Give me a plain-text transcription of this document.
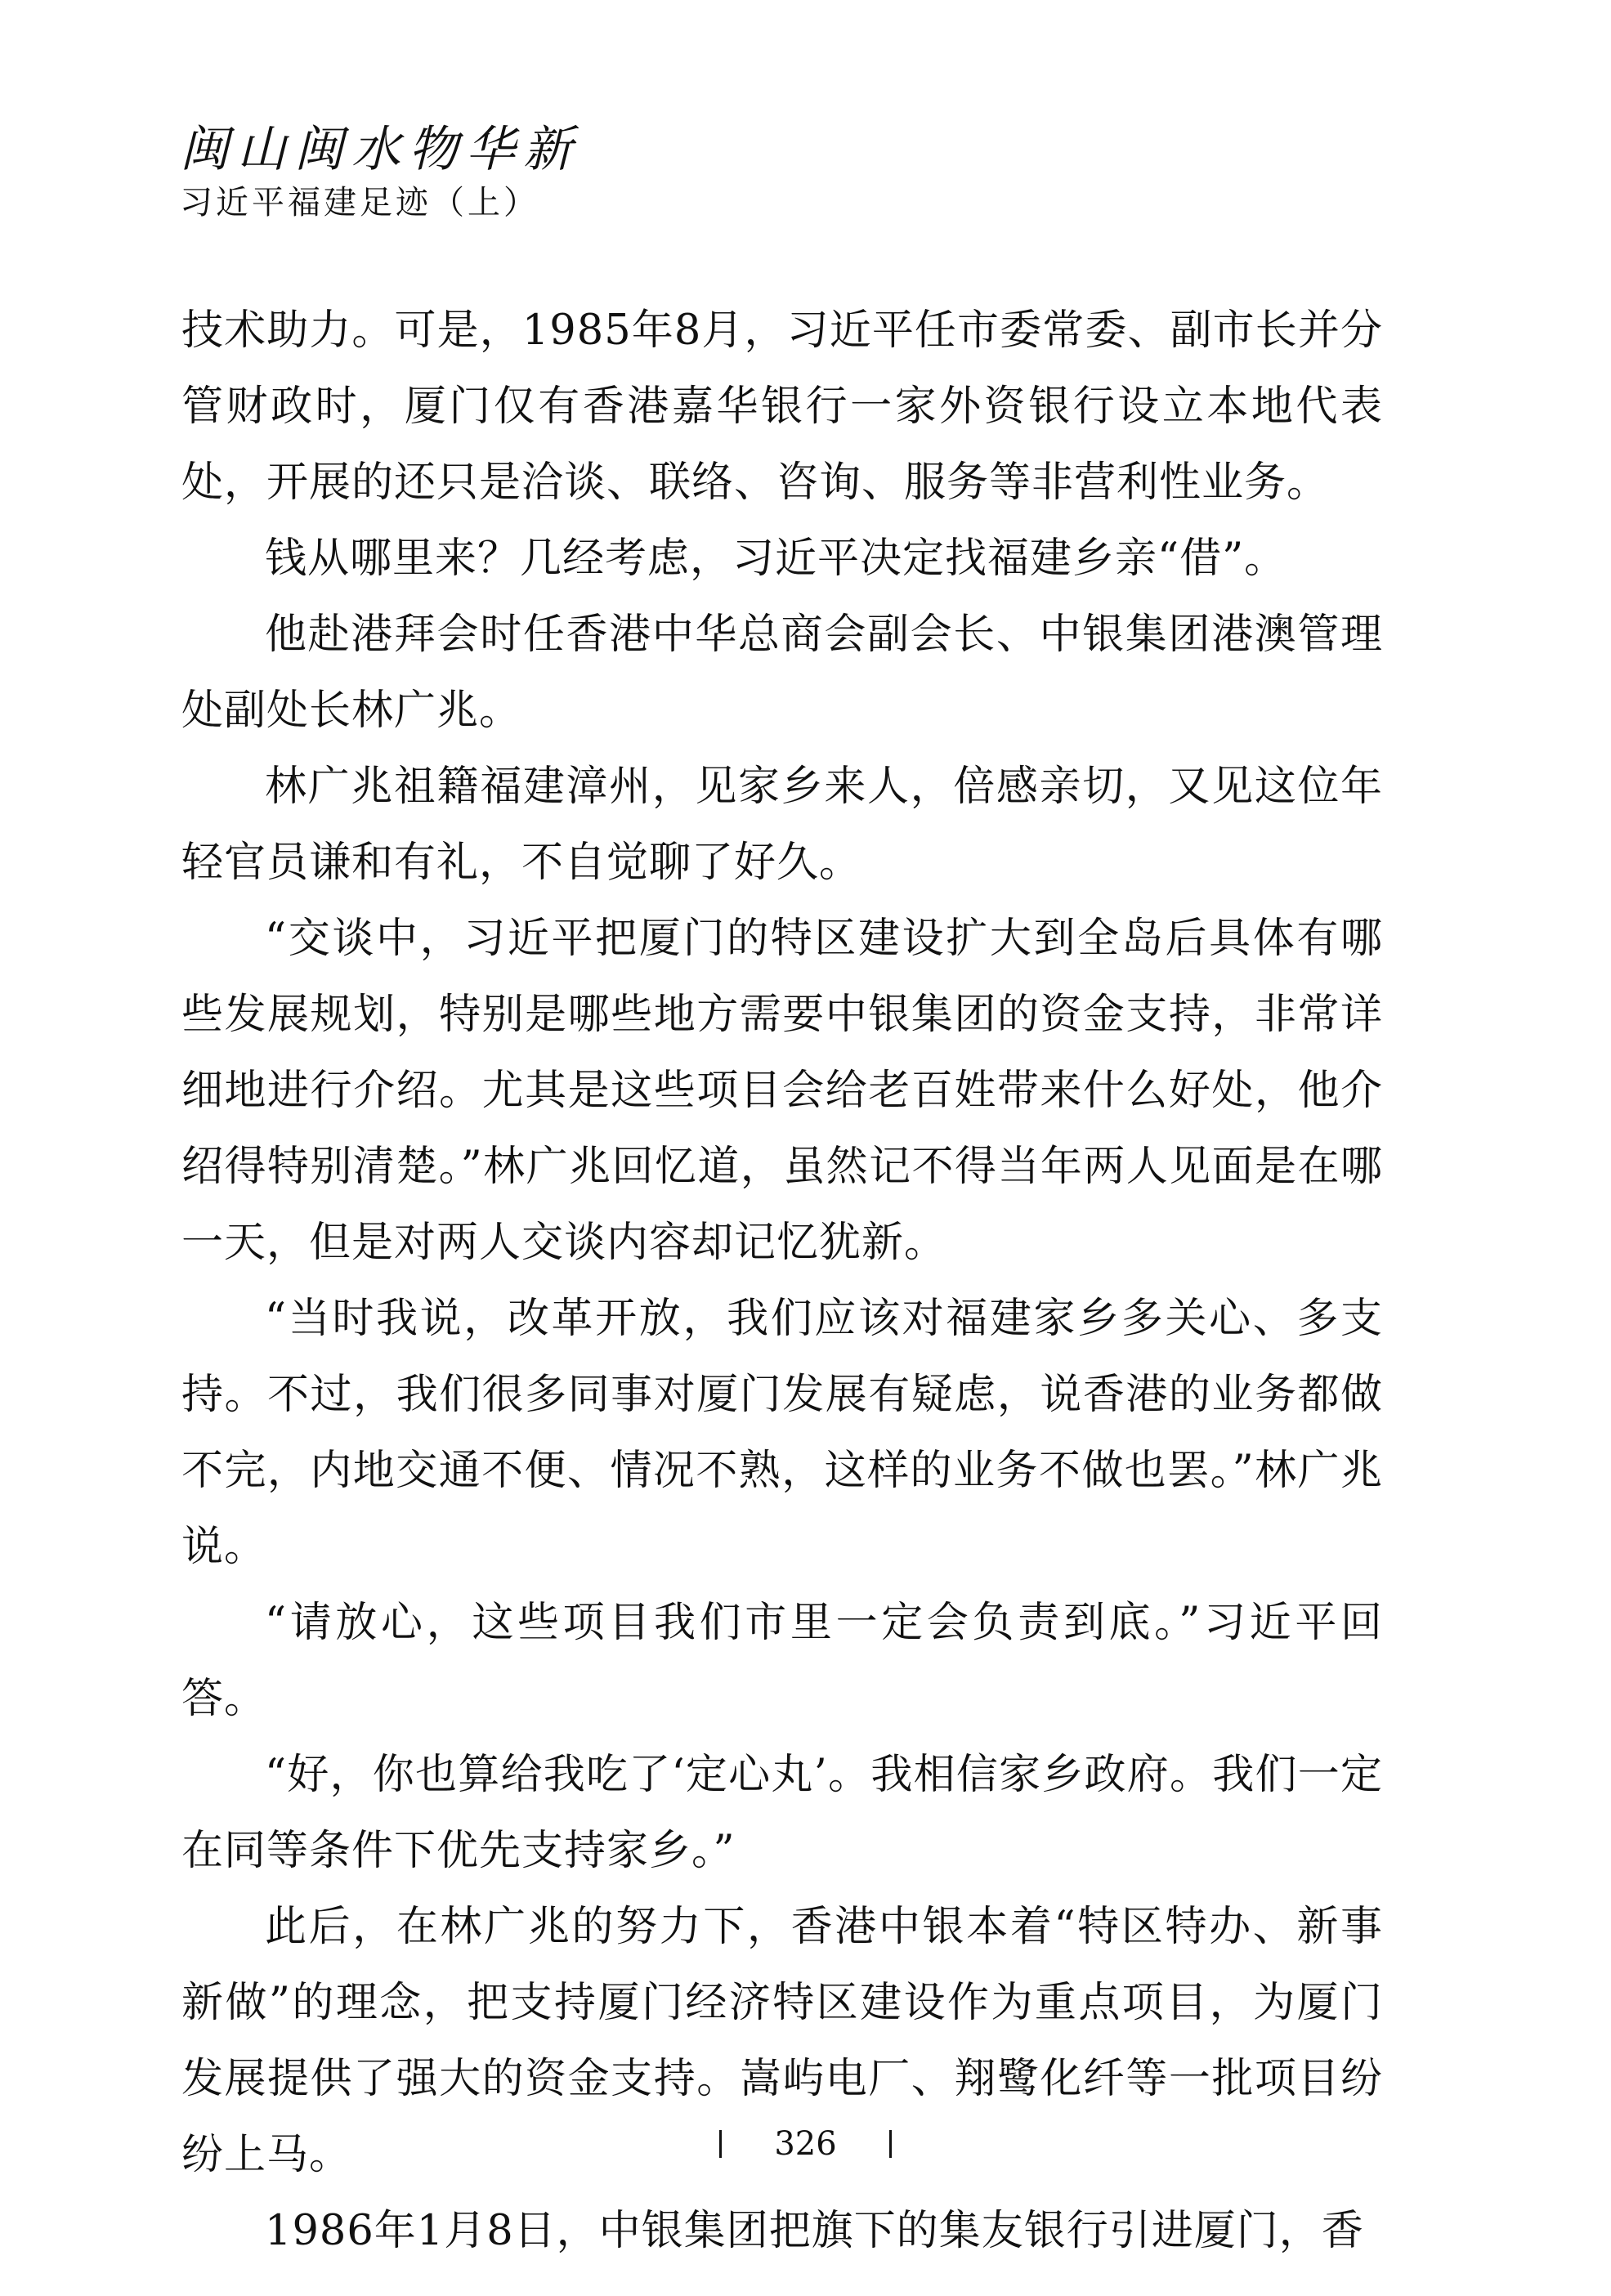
闽山闽水物华新
习近平福建足迹（上）

技术助力。可是，1985年8月，习近平任市委常委、副市长并分管财政时，厦门仅有香港嘉华银行一家外资银行设立本地代表处，开展的还只是洽谈、联络、咨询、服务等非营利性业务。

钱从哪里来？几经考虑，习近平决定找福建乡亲“借”。

他赴港拜会时任香港中华总商会副会长、中银集团港澳管理处副处长林广兆。

林广兆祖籍福建漳州，见家乡来人，倍感亲切，又见这位年轻官员谦和有礼，不自觉聊了好久。

“交谈中，习近平把厦门的特区建设扩大到全岛后具体有哪些发展规划，特别是哪些地方需要中银集团的资金支持，非常详细地进行介绍。尤其是这些项目会给老百姓带来什么好处，他介绍得特别清楚。”林广兆回忆道，虽然记不得当年两人见面是在哪一天，但是对两人交谈内容却记忆犹新。

“当时我说，改革开放，我们应该对福建家乡多关心、多支持。不过，我们很多同事对厦门发展有疑虑，说香港的业务都做不完，内地交通不便、情况不熟，这样的业务不做也罢。”林广兆说。

“请放心，这些项目我们市里一定会负责到底。”习近平回答。

“好，你也算给我吃了‘定心丸’。我相信家乡政府。我们一定在同等条件下优先支持家乡。”

此后，在林广兆的努力下，香港中银本着“特区特办、新事新做”的理念，把支持厦门经济特区建设作为重点项目，为厦门发展提供了强大的资金支持。嵩屿电厂、翔鹭化纤等一批项目纷纷上马。

1986年1月8日，中银集团把旗下的集友银行引进厦门，香

326
